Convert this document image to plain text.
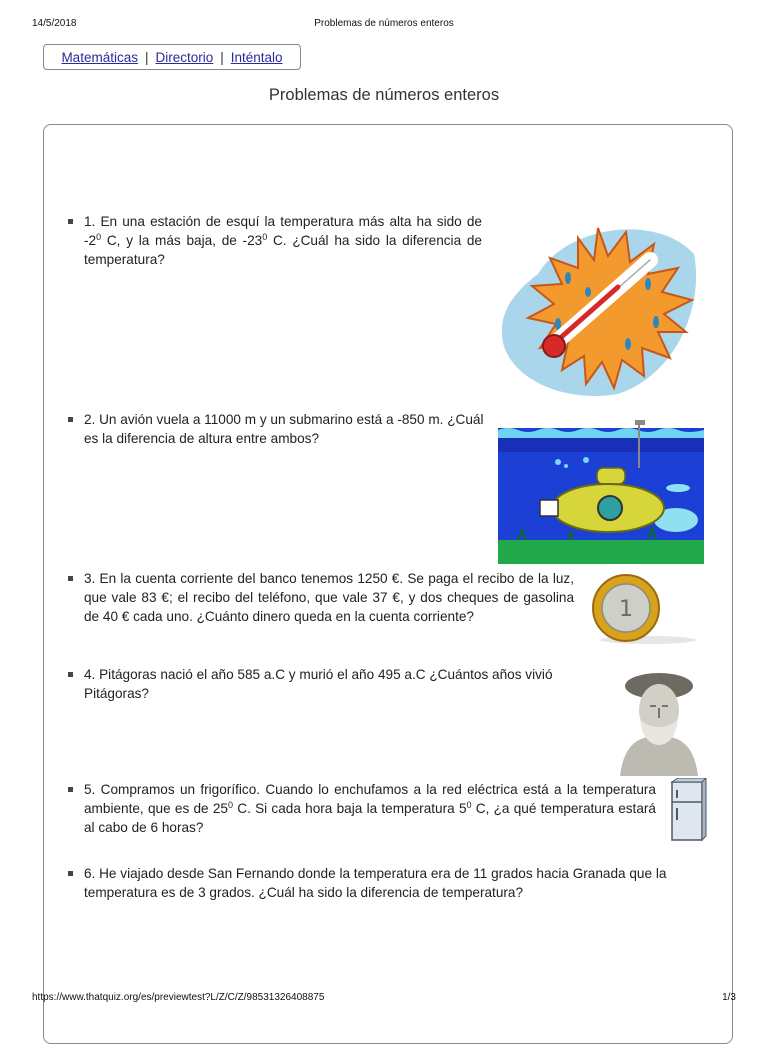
14/5/2018	Problemas de números enteros
Matemáticas | Directorio | Inténtalo
Problemas de números enteros
1. En una estación de esquí la temperatura más alta ha sido de $-2^0$ C, y la más baja, de $-23^0$ C. ¿Cuál ha sido la diferencia de temperatura?
2. Un avión vuela a 11000 m y un submarino está a -850 m. ¿Cuál es la diferencia de altura entre ambos?
3. En la cuenta corriente del banco tenemos 1250 €. Se paga el recibo de la luz, que vale 83 €; el recibo del teléfono, que vale 37 €, y dos cheques de gasolina de 40 € cada uno. ¿Cuánto dinero queda en la cuenta corriente?	1
4. Pitágoras nació el año 585 a.C y murió el año 495 a.C ¿Cuántos años vivió Pitágoras?
5. Compramos un frigorífico. Cuando lo enchufamos a la red eléctrica está a la temperatura ambiente, que es de $25^0$ C. Si cada hora baja la temperatura $5^0$ C, ¿a qué temperatura estará al cabo de 6 horas?
6. He viajado desde San Fernando donde la temperatura era de 11 grados hacia Granada que la temperatura es de 3 grados. ¿Cuál ha sido la diferencia de temperatura?
https://www.thatquiz.org/es/previewtest?L/Z/C/Z/98531326408875	1/3
